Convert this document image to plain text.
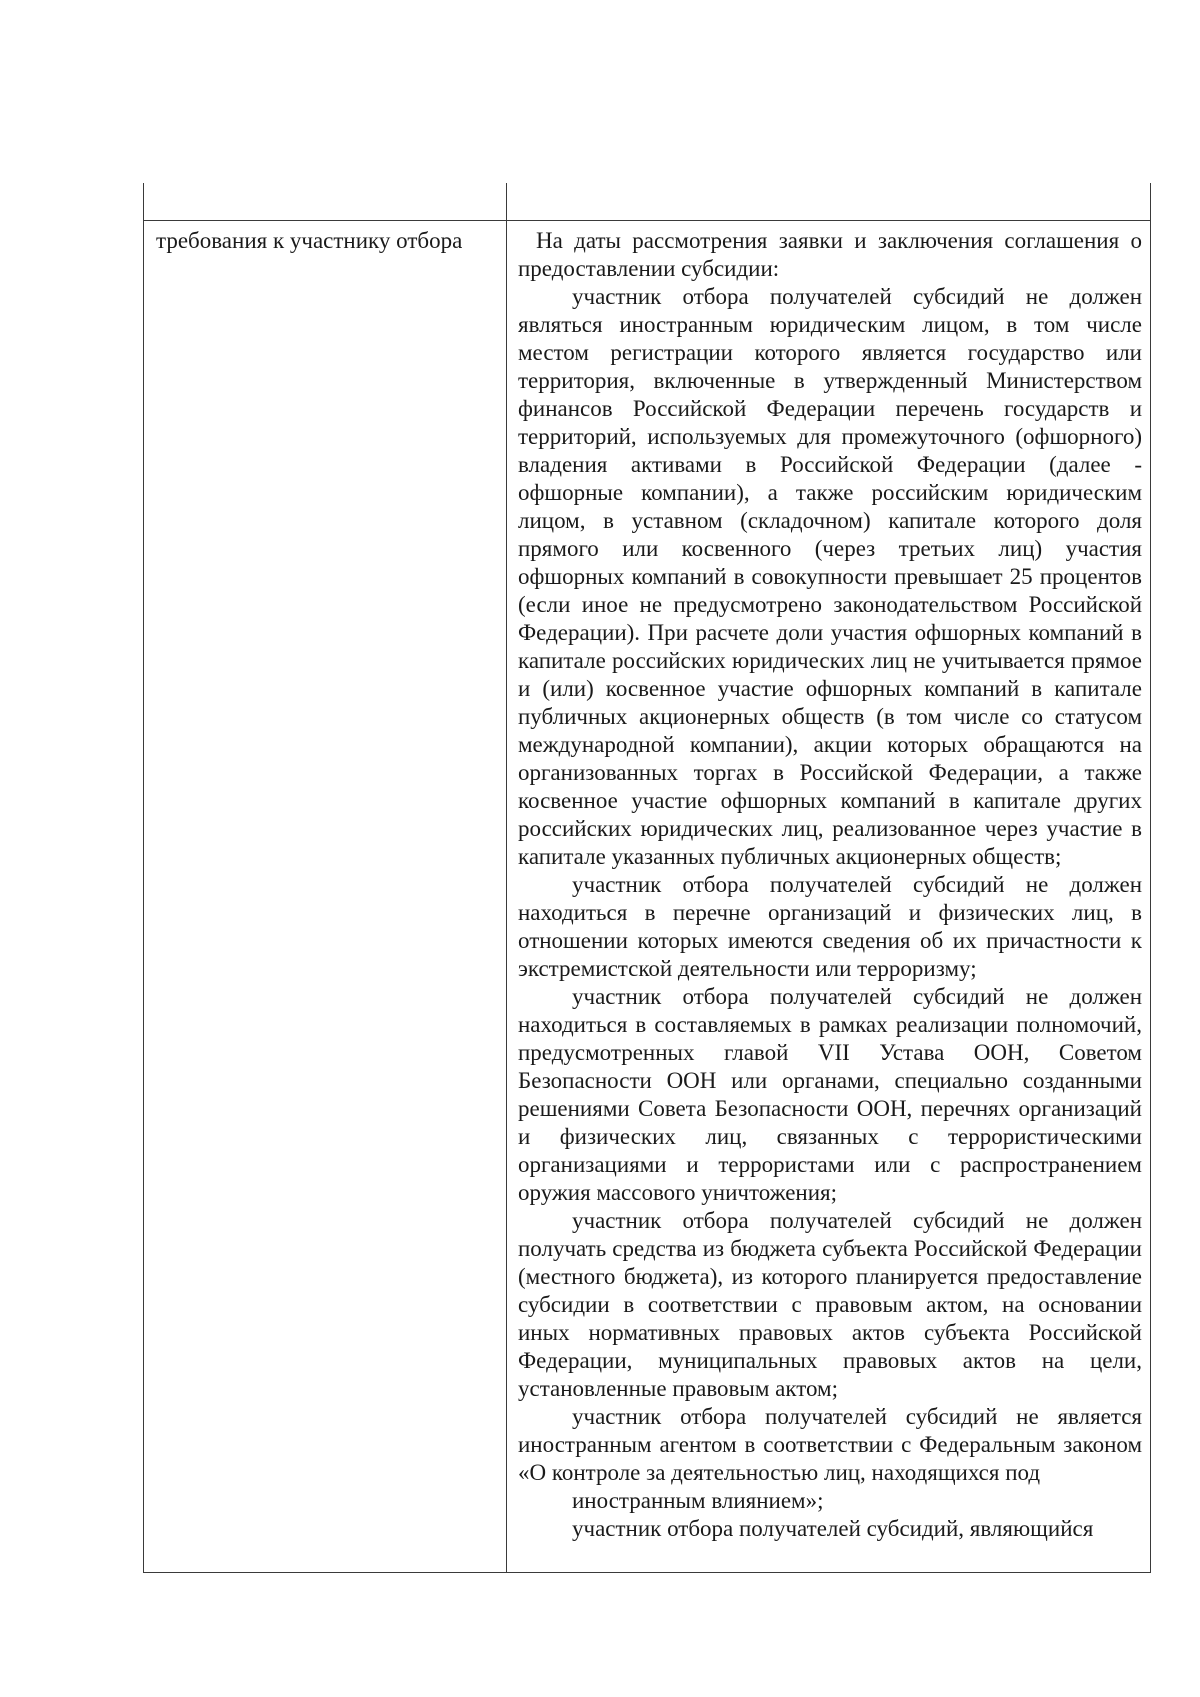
требования к участнику отбора	На даты рассмотрения заявки и заключения соглашения о предоставлении субсидии:

участник отбора получателей субсидий не должен являться иностранным юридическим лицом, в том числе местом регистрации которого является государство или территория, включенные в утвержденный Министерством финансов Российской Федерации перечень государств и территорий, используемых для промежуточного (офшорного) владения активами в Российской Федерации (далее - офшорные компании), а также российским юридическим лицом, в уставном (складочном) капитале которого доля прямого или косвенного (через третьих лиц) участия офшорных компаний в совокупности превышает 25 процентов (если иное не предусмотрено законодательством Российской Федерации). При расчете доли участия офшорных компаний в капитале российских юридических лиц не учитывается прямое и (или) косвенное участие офшорных компаний в капитале публичных акционерных обществ (в том числе со статусом международной компании), акции которых обращаются на организованных торгах в Российской Федерации, а также косвенное участие офшорных компаний в капитале других российских юридических лиц, реализованное через участие в капитале указанных публичных акционерных обществ;

участник отбора получателей субсидий не должен находиться в перечне организаций и физических лиц, в отношении которых имеются сведения об их причастности к экстремистской деятельности или терроризму;

участник отбора получателей субсидий не должен находиться в составляемых в рамках реализации полномочий, предусмотренных главой VII Устава ООН, Советом Безопасности ООН или органами, специально созданными решениями Совета Безопасности ООН, перечнях организаций и физических лиц, связанных с террористическими организациями и террористами или с распространением оружия массового уничтожения;

участник отбора получателей субсидий не должен получать средства из бюджета субъекта Российской Федерации (местного бюджета), из которого планируется предоставление субсидии в соответствии с правовым актом, на основании иных нормативных правовых актов субъекта Российской Федерации, муниципальных правовых актов на цели, установленные правовым актом;

участник отбора получателей субсидий не является иностранным агентом в соответствии с Федеральным законом «О контроле за деятельностью лиц, находящихся под

иностранным влиянием»;

участник отбора получателей субсидий, являющийся
